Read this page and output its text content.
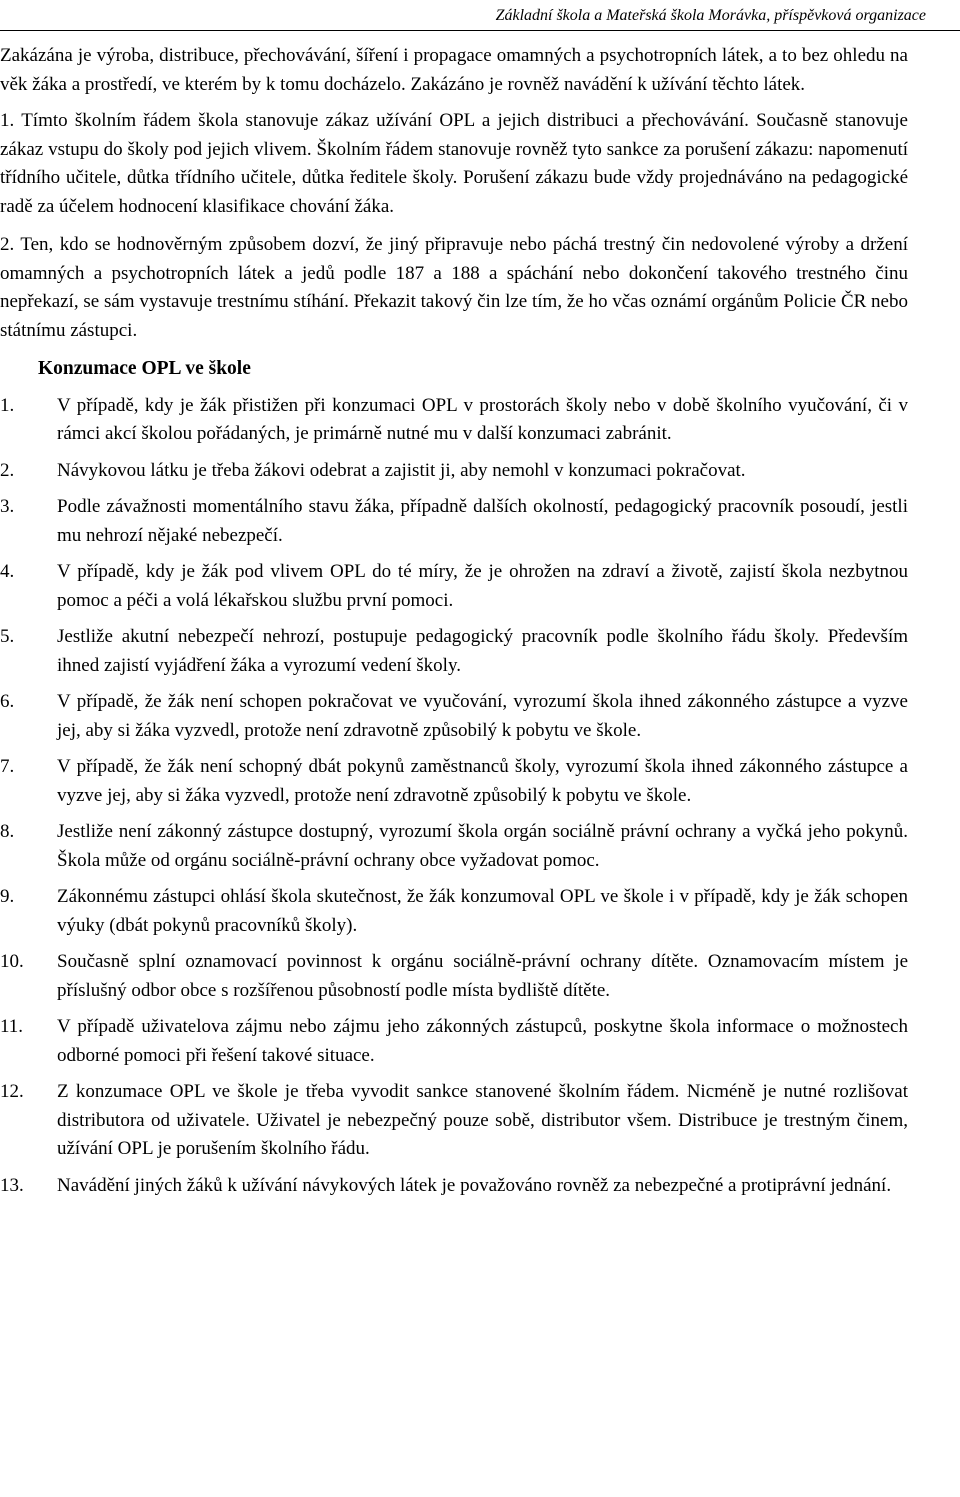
Základní škola a Mateřská škola Morávka, příspěvková organizace

Zakázána je výroba, distribuce, přechovávání, šíření i propagace omamných a psychotropních látek, a to bez ohledu na věk žáka a prostředí, ve kterém by k tomu docházelo. Zakázáno je rovněž navádění k užívání těchto látek.

1. Tímto školním řádem škola stanovuje zákaz užívání OPL a jejich distribuci a přechovávání. Současně stanovuje zákaz vstupu do školy pod jejich vlivem. Školním řádem stanovuje rovněž tyto sankce za porušení zákazu: napomenutí třídního učitele, důtka třídního učitele, důtka ředitele školy. Porušení zákazu bude vždy projednáváno na pedagogické radě za účelem hodnocení klasifikace chování žáka.

2. Ten, kdo se hodnověrným způsobem dozví, že jiný připravuje nebo páchá trestný čin nedovolené výroby a držení omamných a psychotropních látek a jedů podle 187 a 188 a spáchání nebo dokončení takového trestného činu nepřekazí, se sám vystavuje trestnímu stíhání. Překazit takový čin lze tím, že ho včas oznámí orgánům Policie ČR nebo státnímu zástupci.

Konzumace OPL ve škole

1.	V případě, kdy je žák přistižen při konzumaci OPL v prostorách školy nebo v době školního vyučování, či v rámci akcí školou pořádaných, je primárně nutné mu v další konzumaci zabránit.
2.	Návykovou látku je třeba žákovi odebrat a zajistit ji, aby nemohl v konzumaci pokračovat.
3.	Podle závažnosti momentálního stavu žáka, případně dalších okolností, pedagogický pracovník posoudí, jestli mu nehrozí nějaké nebezpečí.
4.	V případě, kdy je žák pod vlivem OPL do té míry, že je ohrožen na zdraví a životě, zajistí škola nezbytnou pomoc a péči a volá lékařskou službu první pomoci.
5.	Jestliže akutní nebezpečí nehrozí, postupuje pedagogický pracovník podle školního řádu školy. Především ihned zajistí vyjádření žáka a vyrozumí vedení školy.
6.	V případě, že žák není schopen pokračovat ve vyučování, vyrozumí škola ihned zákonného zástupce a vyzve jej, aby si žáka vyzvedl, protože není zdravotně způsobilý k pobytu ve škole.
7.	V případě, že žák není schopný dbát pokynů zaměstnanců školy, vyrozumí škola ihned zákonného zástupce a vyzve jej, aby si žáka vyzvedl, protože není zdravotně způsobilý k pobytu ve škole.
8.	Jestliže není zákonný zástupce dostupný, vyrozumí škola orgán sociálně právní ochrany a vyčká jeho pokynů. Škola může od orgánu sociálně-právní ochrany obce vyžadovat pomoc.
9.	Zákonnému zástupci ohlásí škola skutečnost, že žák konzumoval OPL ve škole i v případě, kdy je žák schopen výuky (dbát pokynů pracovníků školy).
10.	Současně splní oznamovací povinnost k orgánu sociálně-právní ochrany dítěte. Oznamovacím místem je příslušný odbor obce s rozšířenou působností podle místa bydliště dítěte.
11.	V případě uživatelova zájmu nebo zájmu jeho zákonných zástupců, poskytne škola informace o možnostech odborné pomoci při řešení takové situace.
12.	Z konzumace OPL ve škole je třeba vyvodit sankce stanovené školním řádem. Nicméně je nutné rozlišovat distributora od uživatele. Uživatel je nebezpečný pouze sobě, distributor všem. Distribuce je trestným činem, užívání OPL je porušením školního řádu.
13.	Navádění jiných žáků k užívání návykových látek je považováno rovněž za nebezpečné a protiprávní jednání.
